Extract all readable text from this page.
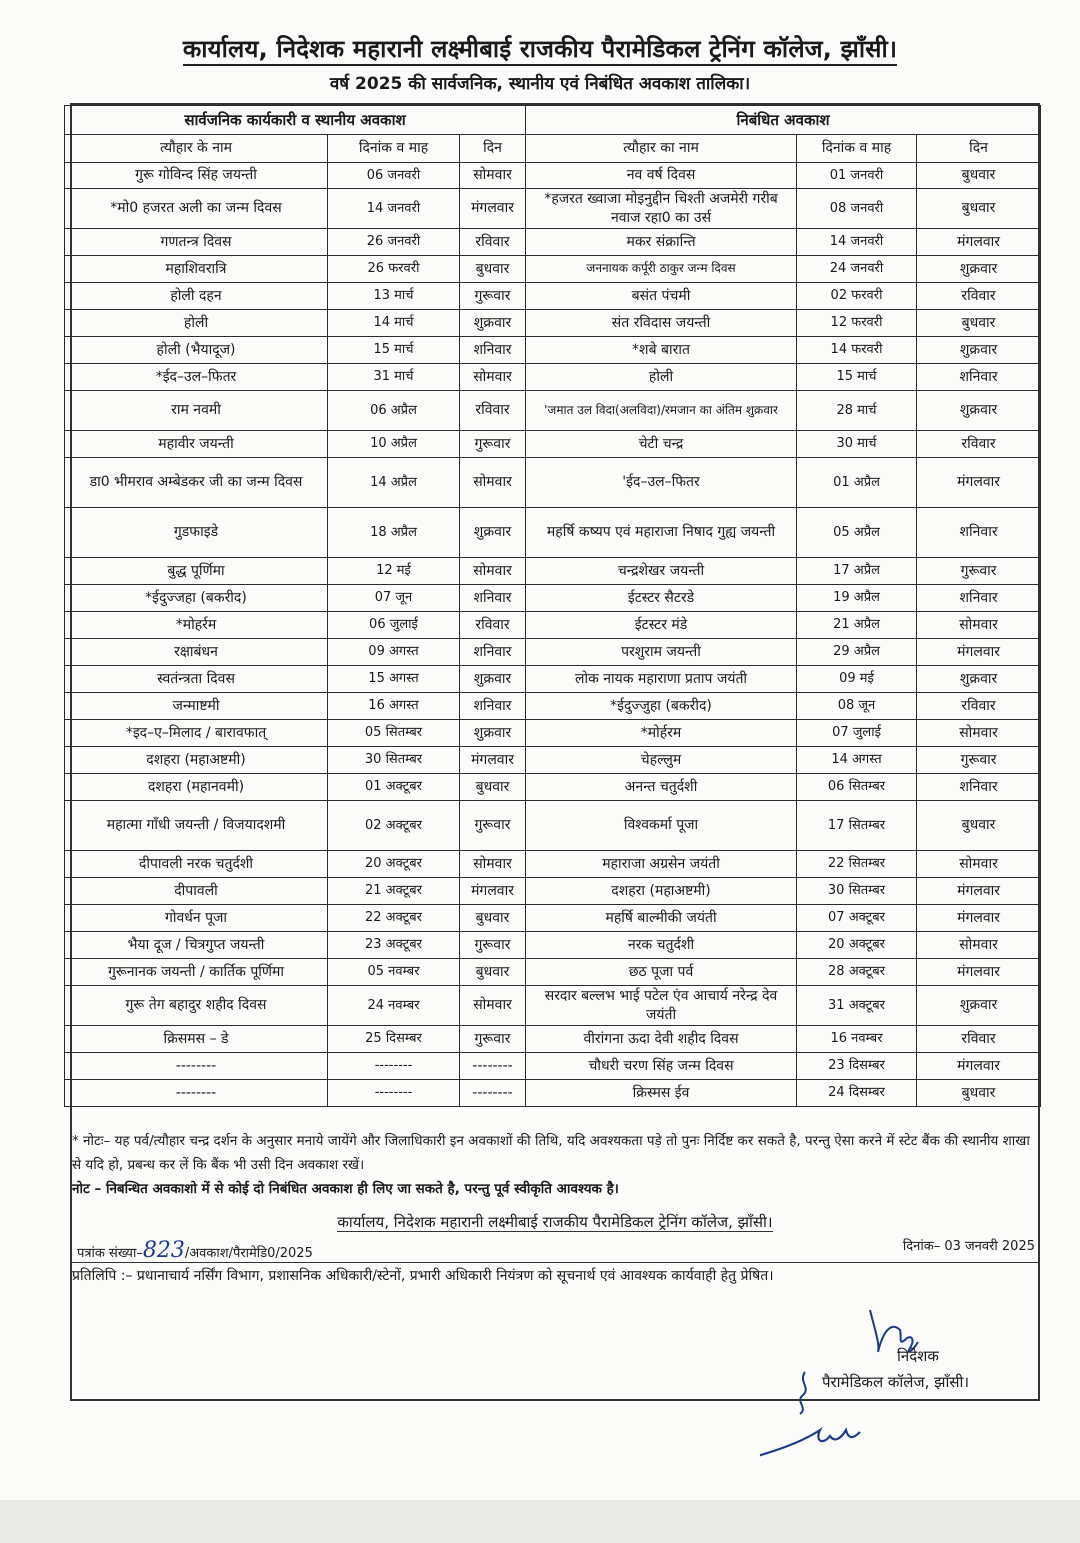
कार्यालय, निदेशक महारानी लक्ष्मीबाई राजकीय पैरामेडिकल ट्रेनिंग कॉलेज, झाँसी।
वर्ष 2025 की सार्वजनिक, स्थानीय एवं निबंधित अवकाश तालिका।
सार्वजनिक कार्यकारी व स्थानीय अवकाश			निबंधित अवकाश		
त्यौहार के नाम	दिनांक व माह	दिन	त्यौहार का नाम	दिनांक व माह	दिन
गुरू गोविन्द सिंह जयन्ती	06 जनवरी	सोमवार	नव वर्ष दिवस	01 जनवरी	बुधवार
*मो0 हजरत अली का जन्म दिवस	14 जनवरी	मंगलवार	*हजरत ख्वाजा मोइनुद्दीन चिश्ती अजमेरी गरीब नवाज रहा0 का उर्स	08 जनवरी	बुधवार
गणतन्त्र दिवस	26 जनवरी	रविवार	मकर संक्रान्ति	14 जनवरी	मंगलवार
महाशिवरात्रि	26 फरवरी	बुधवार	जननायक कर्पूरी ठाकुर जन्म दिवस	24 जनवरी	शुक्रवार
होली दहन	13 मार्च	गुरूवार	बसंत पंचमी	02 फरवरी	रविवार
होली	14 मार्च	शुक्रवार	संत रविदास जयन्ती	12 फरवरी	बुधवार
होली (भैयादूज)	15 मार्च	शनिवार	*शबे बारात	14 फरवरी	शुक्रवार
*ईद–उल–फितर	31 मार्च	सोमवार	होली	15 मार्च	शनिवार
राम नवमी	06 अप्रैल	रविवार	'जमात उल विदा(अलविदा)/रमजान का अंतिम शुक्रवार	28 मार्च	शुक्रवार
महावीर जयन्ती	10 अप्रैल	गुरूवार	चेटी चन्द्र	30 मार्च	रविवार
डा0 भीमराव अम्बेडकर जी का जन्म दिवस	14 अप्रैल	सोमवार	'ईद–उल–फितर	01 अप्रैल	मंगलवार
गुडफाइडे	18 अप्रैल	शुक्रवार	महर्षि कष्यप एवं महाराजा निषाद गुह्य जयन्ती	05 अप्रैल	शनिवार
बुद्ध पूर्णिमा	12 मई	सोमवार	चन्द्रशेखर जयन्ती	17 अप्रैल	गुरूवार
*ईदुज्जहा (बकरीद)	07 जून	शनिवार	ईटस्टर सैटरडे	19 अप्रैल	शनिवार
*मोहर्रम	06 जुलाई	रविवार	ईटस्टर मंडे	21 अप्रैल	सोमवार
रक्षाबंधन	09 अगस्त	शनिवार	परशुराम जयन्ती	29 अप्रैल	मंगलवार
स्वतंन्त्रता दिवस	15 अगस्त	शुक्रवार	लोक नायक महाराणा प्रताप जयंती	09 मई	शुक्रवार
जन्माष्टमी	16 अगस्त	शनिवार	*ईदुज्जुहा (बकरीद)	08 जून	रविवार
*इद–ए–मिलाद / बारावफात्	05 सितम्बर	शुक्रवार	*मोर्हरम	07 जुलाई	सोमवार
दशहरा (महाअष्टमी)	30 सितम्बर	मंगलवार	चेहल्लुम	14 अगस्त	गुरूवार
दशहरा (महानवमी)	01 अक्टूबर	बुधवार	अनन्त चतुर्दशी	06 सितम्बर	शनिवार
महात्मा गाँधी जयन्ती / विजयादशमी	02 अक्टूबर	गुरूवार	विश्वकर्मा पूजा	17 सितम्बर	बुधवार
दीपावली नरक चतुर्दशी	20 अक्टूबर	सोमवार	महाराजा अग्रसेन जयंती	22 सितम्बर	सोमवार
दीपावली	21 अक्टूबर	मंगलवार	दशहरा (महाअष्टमी)	30 सितम्बर	मंगलवार
गोवर्धन पूजा	22 अक्टूबर	बुधवार	महर्षि बाल्मीकी जयंती	07 अक्टूबर	मंगलवार
भैया दूज / चित्रगुप्त जयन्ती	23 अक्टूबर	गुरूवार	नरक चतुर्दशी	20 अक्टूबर	सोमवार
गुरूनानक जयन्ती / कार्तिक पूर्णिमा	05 नवम्बर	बुधवार	छठ पूजा पर्व	28 अक्टूबर	मंगलवार
गुरू तेग बहादुर शहीद दिवस	24 नवम्बर	सोमवार	सरदार बल्लभ भाई पटेल एंव आचार्य नरेन्द्र देव जयंती	31 अक्टूबर	शुक्रवार
क्रिसमस – डे	25 दिसम्बर	गुरूवार	वीरांगना ऊदा देवी शहीद दिवस	16 नवम्बर	रविवार
--------	--------	--------	चौधरी चरण सिंह जन्म दिवस	23 दिसम्बर	मंगलवार
--------	--------	--------	क्रिस्मस ईव	24 दिसम्बर	बुधवार

* नोटः– यह पर्व/त्यौहार चन्द्र दर्शन के अनुसार मनाये जायेंगे और जिलाधिकारी इन अवकाशों की तिथि, यदि अवश्यकता पड़े तो पुनः निर्दिष्ट कर सकते है, परन्तु ऐसा करने में स्टेट बैंक की स्थानीय शाखा से यदि हो, प्रबन्ध कर लें कि बैंक भी उसी दिन अवकाश रखें।

नोट – निबन्धित अवकाशो में से कोई दो निबंधित अवकाश ही लिए जा सकते है, परन्तु पूर्व स्वीकृति आवश्यक है।

कार्यालय, निदेशक महारानी लक्ष्मीबाई राजकीय पैरामेडिकल ट्रेनिंग कॉलेज, झाँसी।
पत्रांक संख्या–823/अवकाश/पैरामेडि0/2025	दिनांक– 03 जनवरी 2025
प्रतिलिपि :– प्रधानाचार्य नर्सिंग विभाग, प्रशासनिक अधिकारी/स्टेनों, प्रभारी अधिकारी नियंत्रण को सूचनार्थ एवं आवश्यक कार्यवाही हेतु प्रेषित।
निदेशक
पैरामेडिकल कॉलेज, झाँसी।
